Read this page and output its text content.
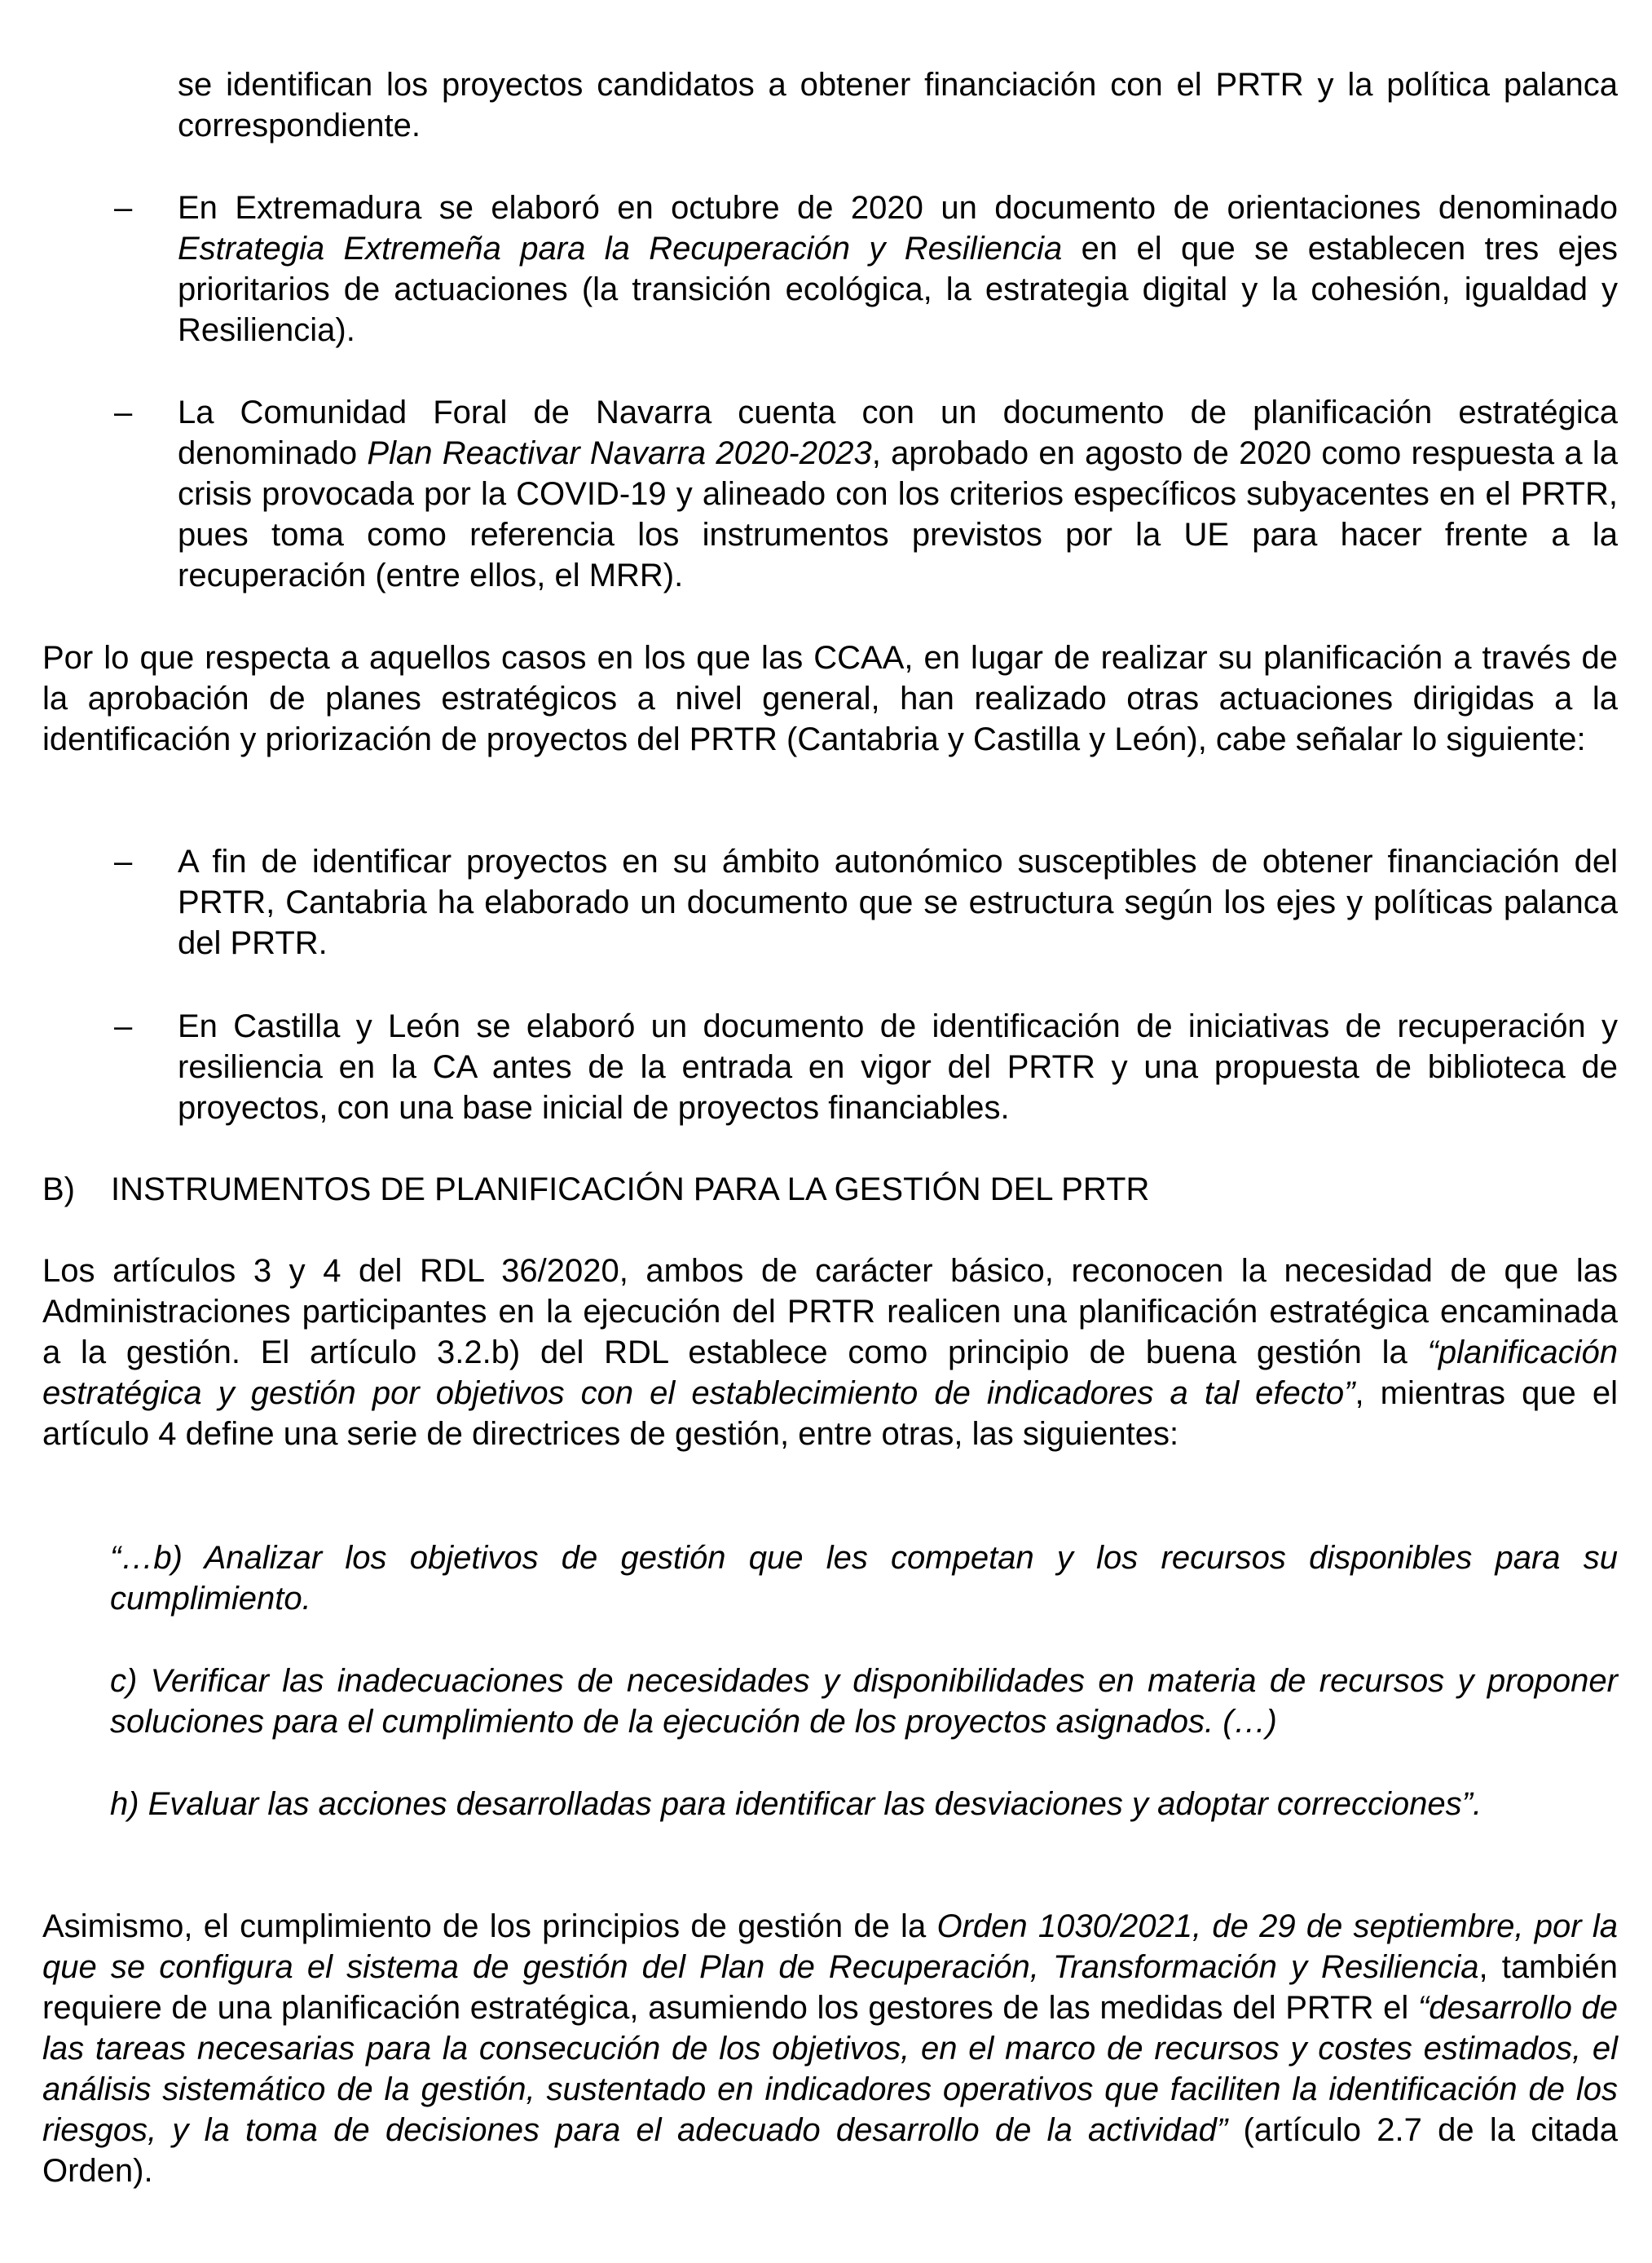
se identifican los proyectos candidatos a obtener financiación con el PRTR y la política palanca correspondiente.

–	En Extremadura se elaboró en octubre de 2020 un documento de orientaciones denominado Estrategia Extremeña para la Recuperación y Resiliencia en el que se establecen tres ejes prioritarios de actuaciones (la transición ecológica, la estrategia digital y la cohesión, igualdad y Resiliencia).

–	La Comunidad Foral de Navarra cuenta con un documento de planificación estratégica denominado Plan Reactivar Navarra 2020-2023, aprobado en agosto de 2020 como respuesta a la crisis provocada por la COVID-19 y alineado con los criterios específicos subyacentes en el PRTR, pues toma como referencia los instrumentos previstos por la UE para hacer frente a la recuperación (entre ellos, el MRR).

Por lo que respecta a aquellos casos en los que las CCAA, en lugar de realizar su planificación a través de la aprobación de planes estratégicos a nivel general, han realizado otras actuaciones dirigidas a la identificación y priorización de proyectos del PRTR (Cantabria y Castilla y León), cabe señalar lo siguiente:

–	A fin de identificar proyectos en su ámbito autonómico susceptibles de obtener financiación del PRTR, Cantabria ha elaborado un documento que se estructura según los ejes y políticas palanca del PRTR.

–	En Castilla y León se elaboró un documento de identificación de iniciativas de recuperación y resiliencia en la CA antes de la entrada en vigor del PRTR y una propuesta de biblioteca de proyectos, con una base inicial de proyectos financiables.

B) INSTRUMENTOS DE PLANIFICACIÓN PARA LA GESTIÓN DEL PRTR

Los artículos 3 y 4 del RDL 36/2020, ambos de carácter básico, reconocen la necesidad de que las Administraciones participantes en la ejecución del PRTR realicen una planificación estratégica encaminada a la gestión. El artículo 3.2.b) del RDL establece como principio de buena gestión la “planificación estratégica y gestión por objetivos con el establecimiento de indicadores a tal efecto”, mientras que el artículo 4 define una serie de directrices de gestión, entre otras, las siguientes:

“…b) Analizar los objetivos de gestión que les competan y los recursos disponibles para su cumplimiento.

c) Verificar las inadecuaciones de necesidades y disponibilidades en materia de recursos y proponer soluciones para el cumplimiento de la ejecución de los proyectos asignados. (…)

h) Evaluar las acciones desarrolladas para identificar las desviaciones y adoptar correcciones”.

Asimismo, el cumplimiento de los principios de gestión de la Orden 1030/2021, de 29 de septiembre, por la que se configura el sistema de gestión del Plan de Recuperación, Transformación y Resiliencia, también requiere de una planificación estratégica, asumiendo los gestores de las medidas del PRTR el “desarrollo de las tareas necesarias para la consecución de los objetivos, en el marco de recursos y costes estimados, el análisis sistemático de la gestión, sustentado en indicadores operativos que faciliten la identificación de los riesgos, y la toma de decisiones para el adecuado desarrollo de la actividad” (artículo 2.7 de la citada Orden).
